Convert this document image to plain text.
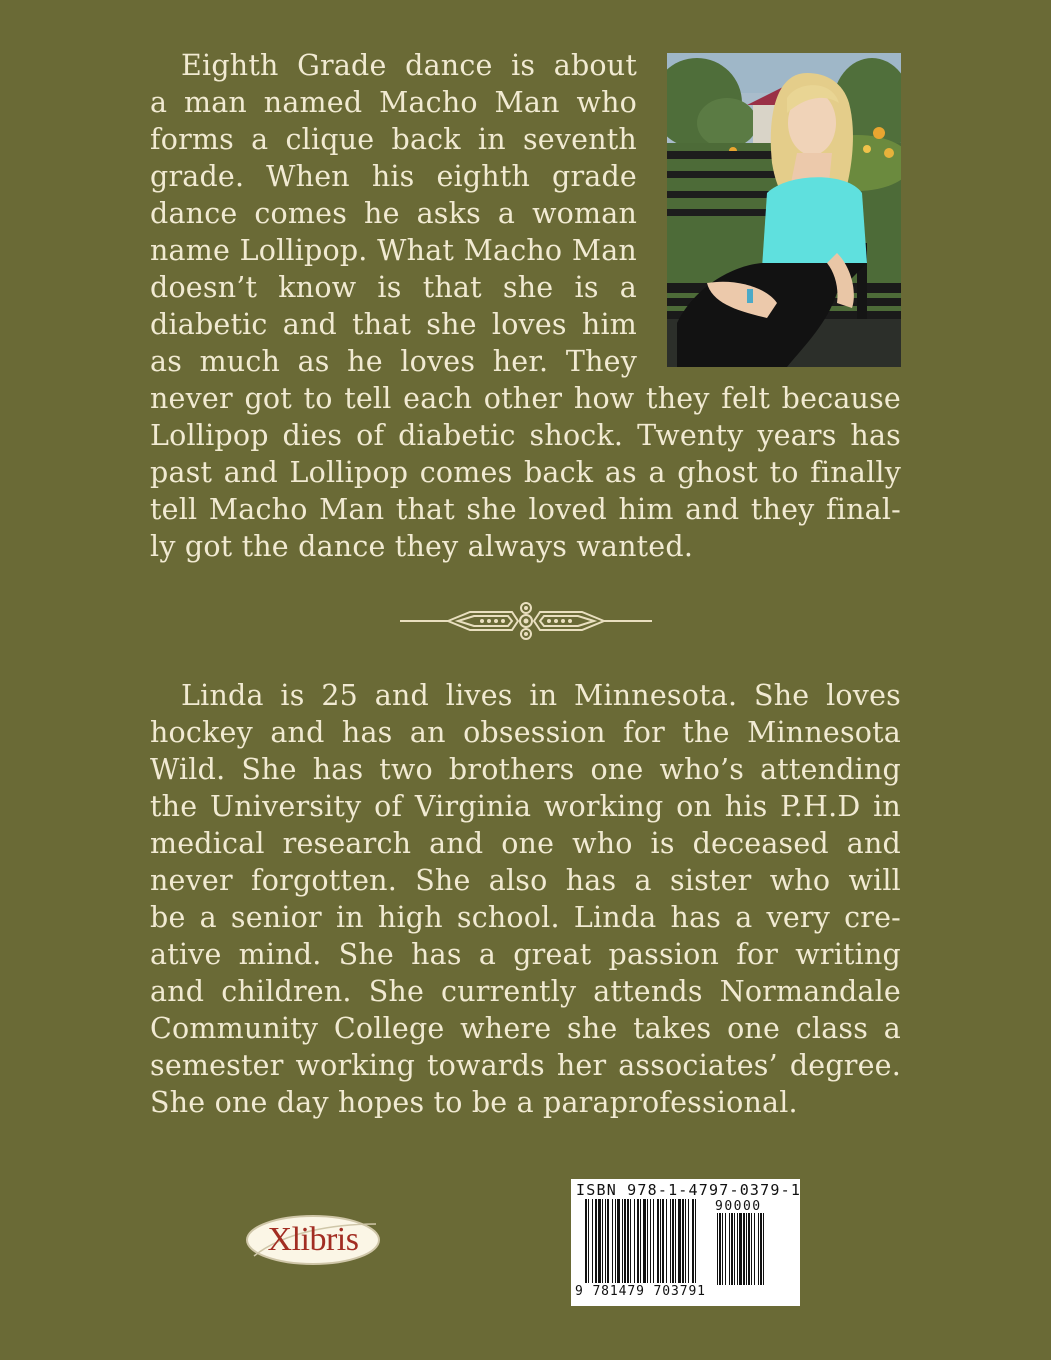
Eighth Grade dance is about
a man named Macho Man who
forms a clique back in seventh
grade. When his eighth grade
dance comes he asks a woman
name Lollipop. What Macho Man
doesn’t know is that she is a
diabetic and that she loves him
as much as he loves her. They

never got to tell each other how they felt because
Lollipop dies of diabetic shock. Twenty years has
past and Lollipop comes back as a ghost to finally
tell Macho Man that she loved him and they final-
ly got the dance they always wanted.

Linda is 25 and lives in Minnesota. She loves
hockey and has an obsession for the Minnesota
Wild. She has two brothers one who’s attending
the University of Virginia working on his P.H.D in
medical research and one who is deceased and
never forgotten. She also has a sister who will
be a senior in high school. Linda has a very cre-
ative mind. She has a great passion for writing
and children. She currently attends Normandale
Community College where she takes one class a
semester working towards her associates’ degree.
She one day hopes to be a paraprofessional.

Xlibris
ISBN 978-1-4797-0379-1
90000
9 781479 703791
